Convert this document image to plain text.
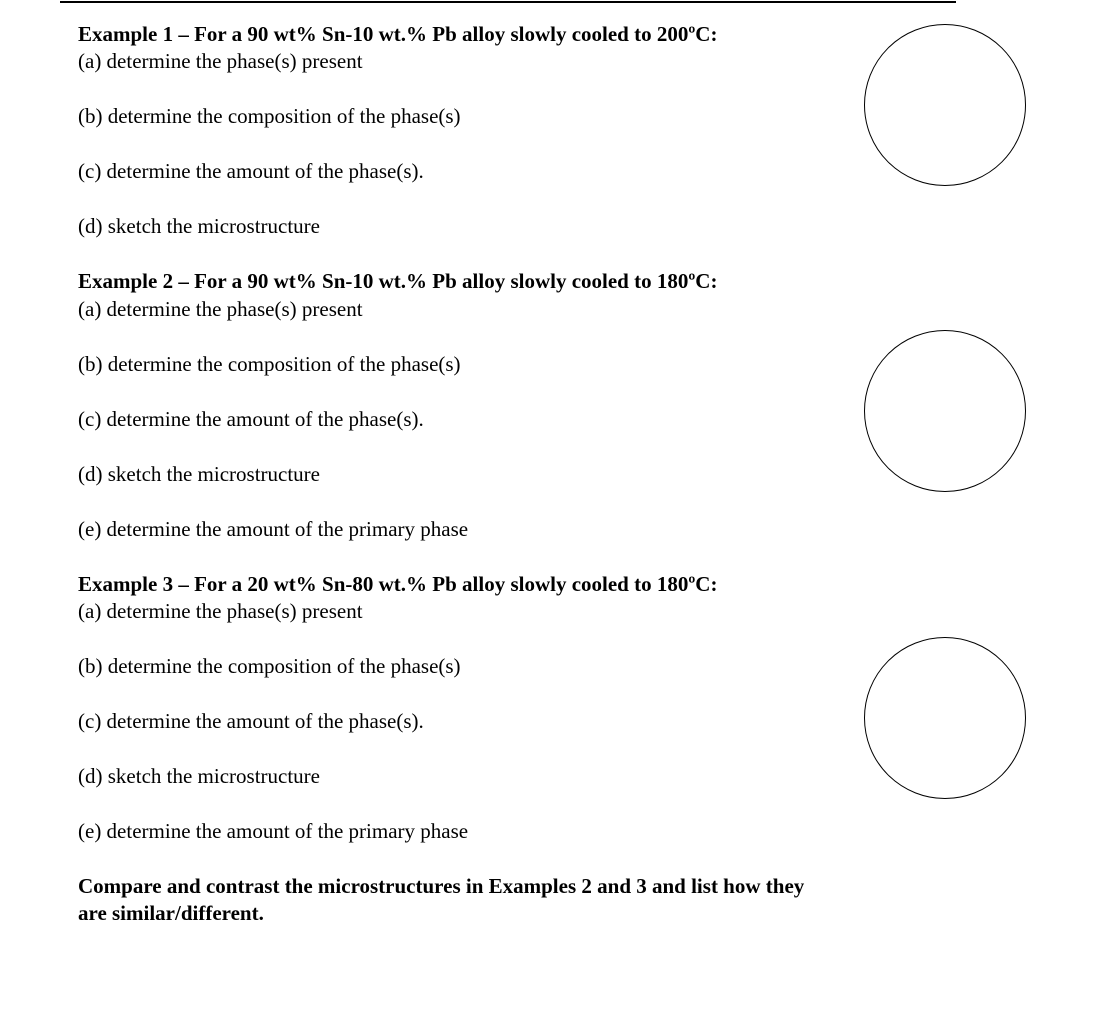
Example 1 – For a 90 wt% Sn-10 wt.% Pb alloy slowly cooled to 200ºC:
(a) determine the phase(s) present
(b) determine the composition of the phase(s)
(c) determine the amount of the phase(s).
(d) sketch the microstructure
Example 2 – For a 90 wt% Sn-10 wt.% Pb alloy slowly cooled to 180ºC:
(a) determine the phase(s) present
(b) determine the composition of the phase(s)
(c) determine the amount of the phase(s).
(d) sketch the microstructure
(e) determine the amount of the primary phase
Example 3 – For a 20 wt% Sn-80 wt.% Pb alloy slowly cooled to 180ºC:
(a) determine the phase(s) present
(b) determine the composition of the phase(s)
(c) determine the amount of the phase(s).
(d) sketch the microstructure
(e) determine the amount of the primary phase
Compare and contrast the microstructures in Examples 2 and 3 and list how they
are similar/different.
